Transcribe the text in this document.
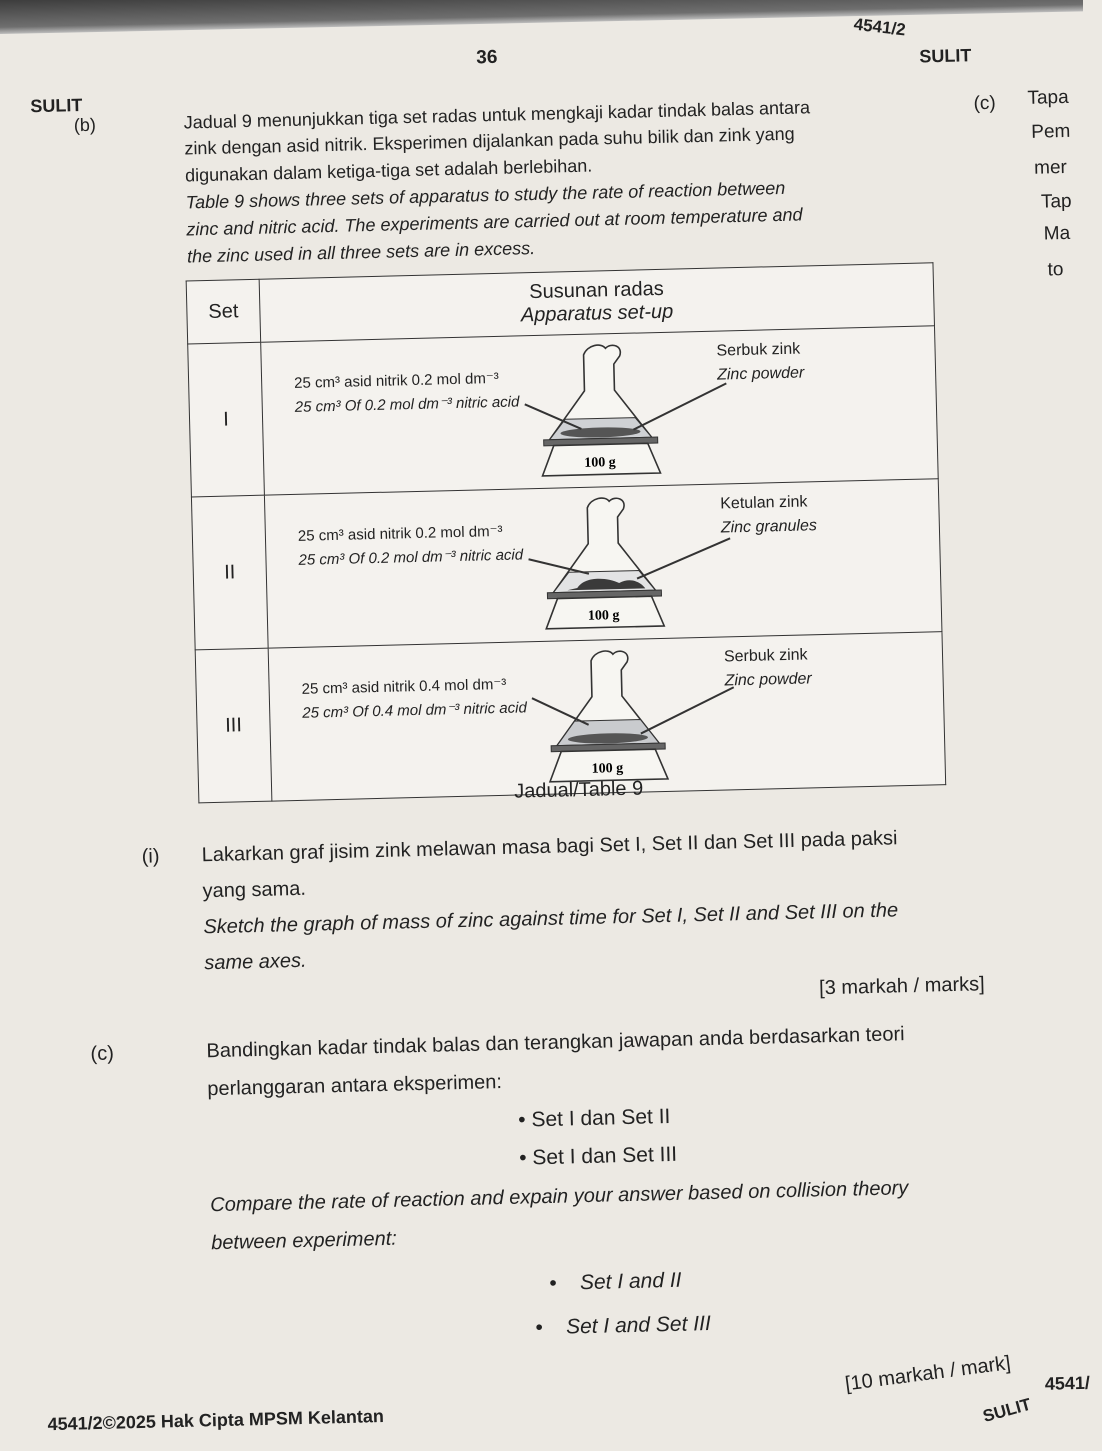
36
4541/2
SULIT
SULIT
(c) Tapa
Pem
mer
Tap
Ma
to
(b)	Jadual 9 menunjukkan tiga set radas untuk mengkaji kadar tindak balas antara
zink dengan asid nitrik. Eksperimen dijalankan pada suhu bilik dan zink yang
digunakan dalam ketiga-tiga set adalah berlebihan.
Table 9 shows three sets of apparatus to study the rate of reaction between
zinc and nitric acid. The experiments are carried out at room temperature and
the zinc used in all three sets are in excess.
Set	Susunan radas
Apparatus set-up

I	25 cm³ asid nitrik 0.2 mol dm⁻³
25 cm³ Of 0.2 mol dm⁻³ nitric acid
100 g
Serbuk zink
Zinc powder

II	25 cm³ asid nitrik 0.2 mol dm⁻³
25 cm³ Of 0.2 mol dm⁻³ nitric acid
100 g
Ketulan zink
Zinc granules

III	25 cm³ asid nitrik 0.4 mol dm⁻³
25 cm³ Of 0.4 mol dm⁻³ nitric acid
100 g
Serbuk zink
Zinc powder
Jadual/Table 9
(i) Lakarkan graf jisim zink melawan masa bagi Set I, Set II dan Set III pada paksi
yang sama.
Sketch the graph of mass of zinc against time for Set I, Set II and Set III on the
same axes.
[3 markah / marks]
(c)	Bandingkan kadar tindak balas dan terangkan jawapan anda berdasarkan teori
perlanggaran antara eksperimen:
• Set I dan Set II
• Set I dan Set III
Compare the rate of reaction and expain your answer based on collision theory
between experiment:
•    Set I and II
•    Set I and Set III
[10 markah / mark]
4541/2©2025 Hak Cipta MPSM Kelantan
4541/
SULIT
